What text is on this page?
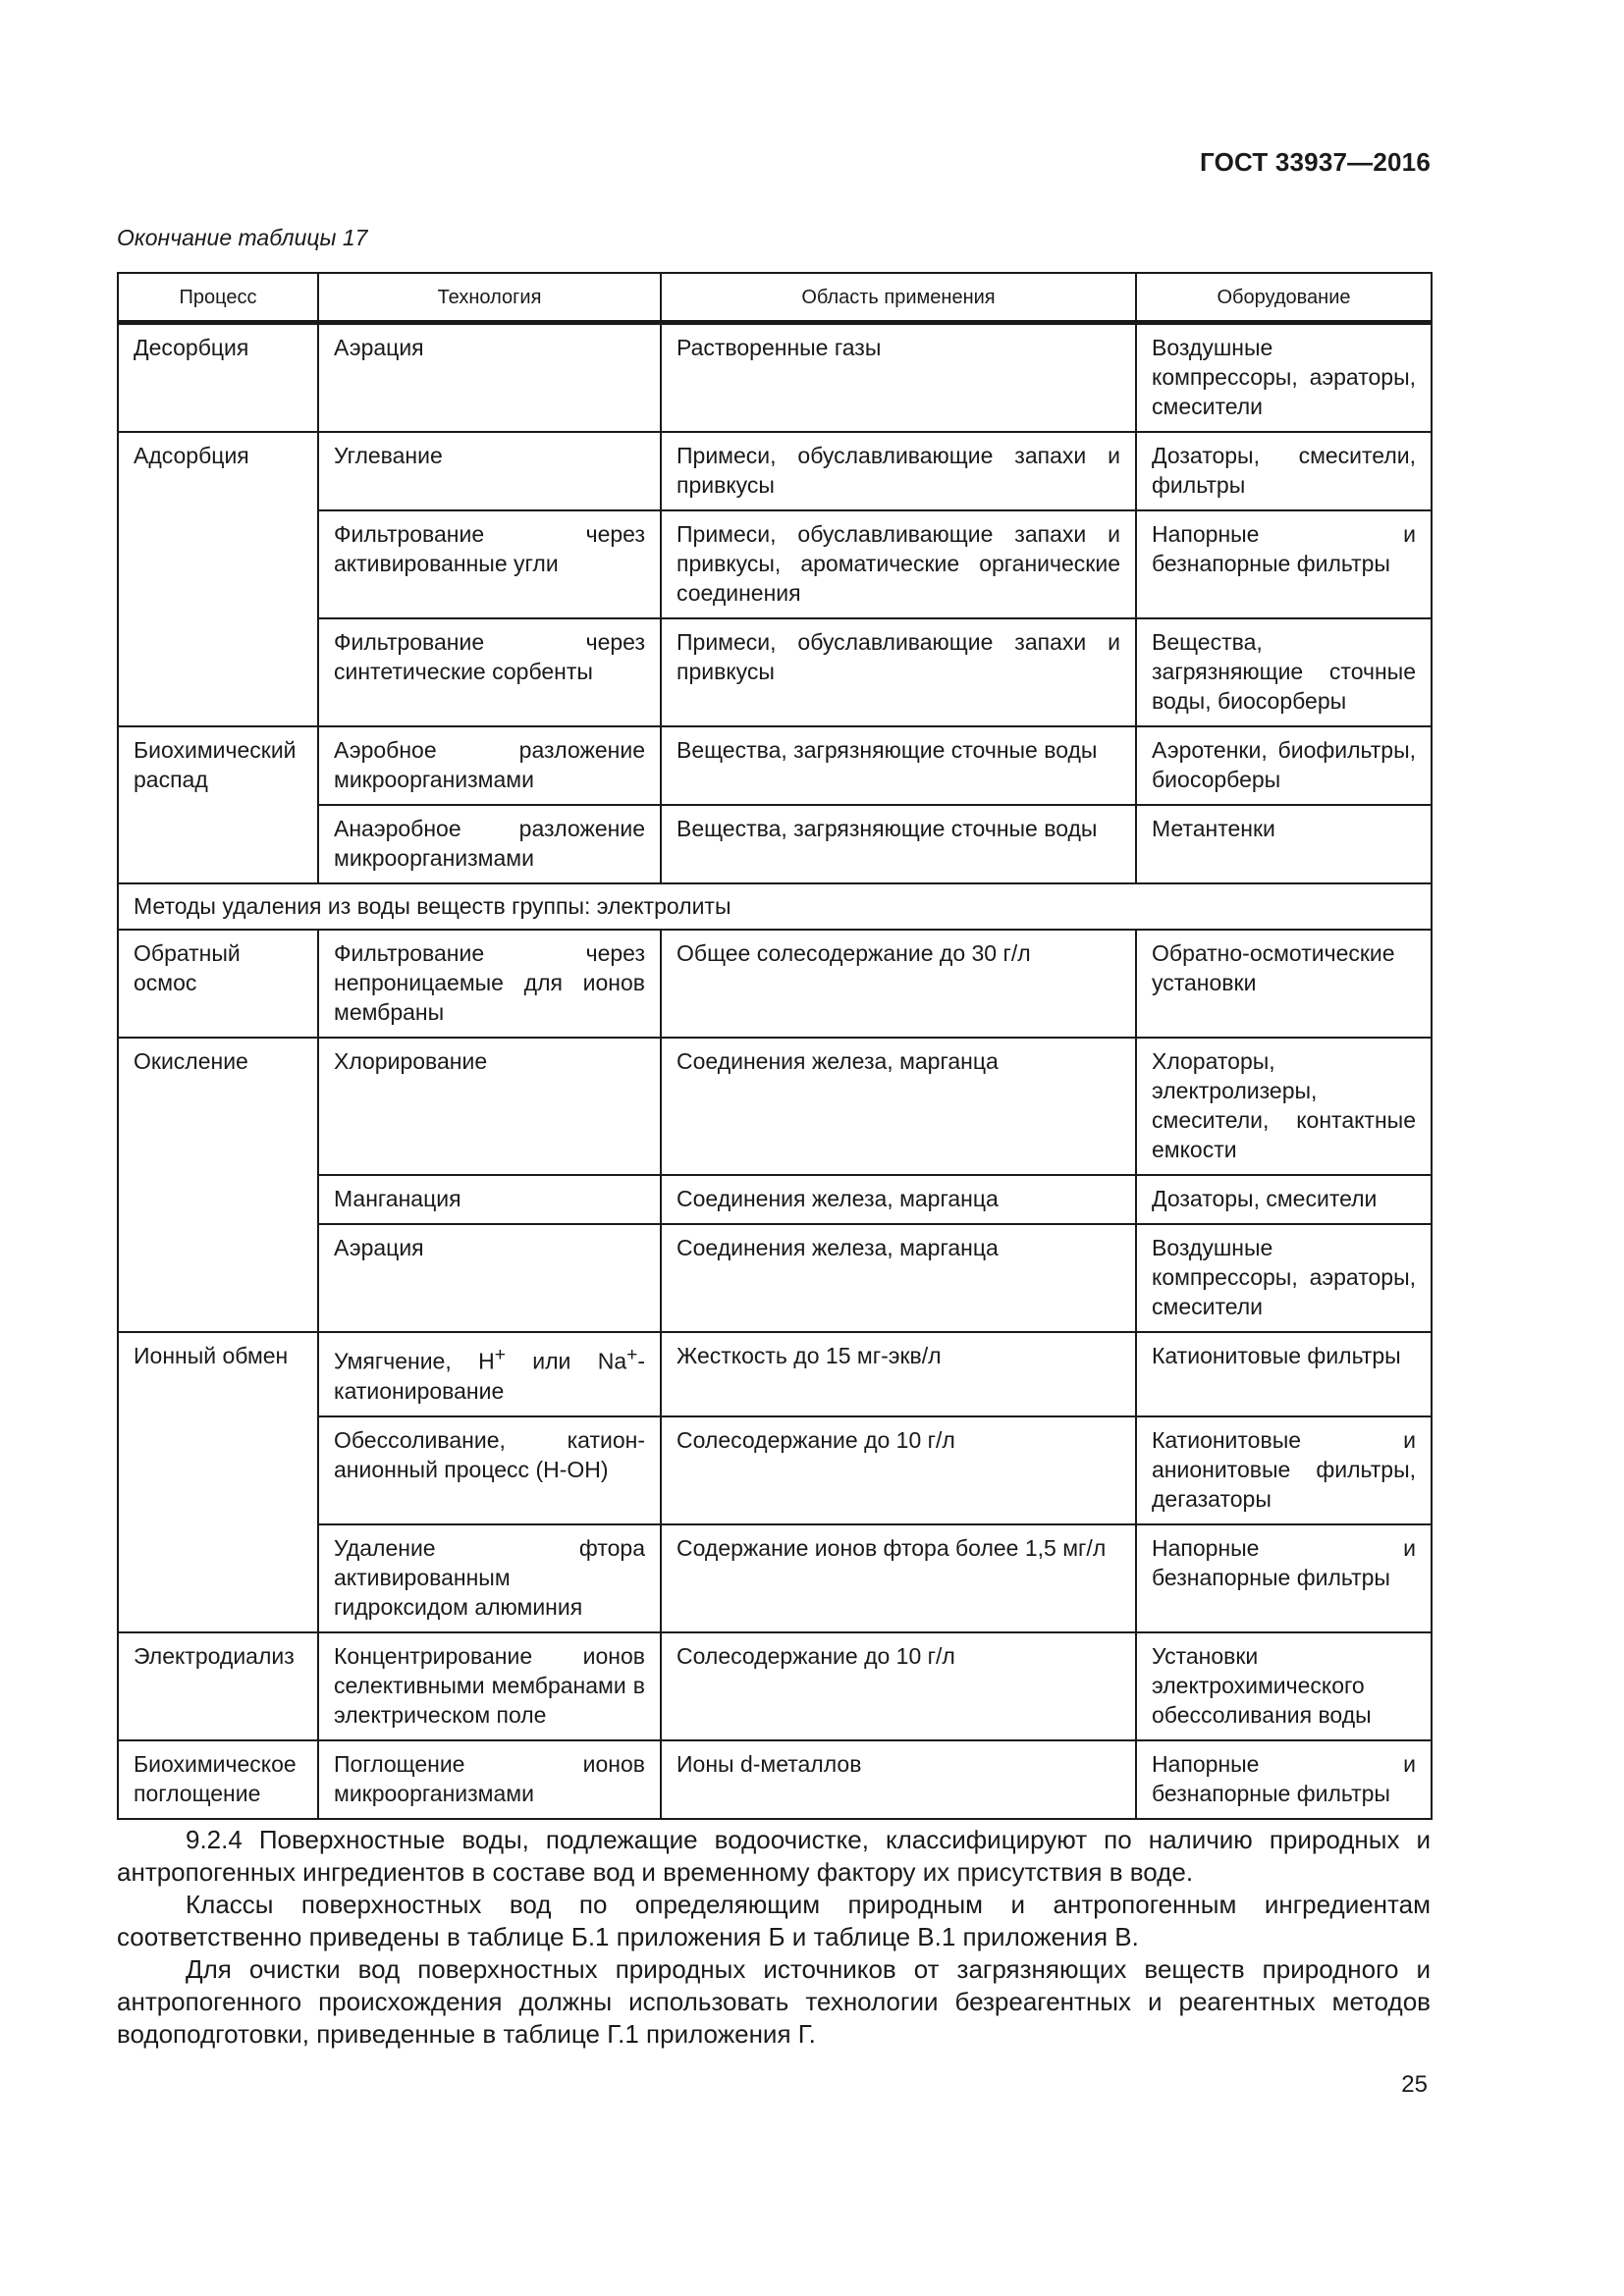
ГОСТ 33937—2016
Окончание таблицы 17
Процесс	Технология	Область применения	Оборудование
Десорбция	Аэрация	Растворенные газы	Воздушные компрессоры, аэраторы, смесители
Адсорбция	Углевание	Примеси, обуславливающие запахи и привкусы	Дозаторы, смесители, фильтры
	Фильтрование через активированные угли	Примеси, обуславливающие запахи и привкусы, ароматические органические соединения	Напорные и безнапорные фильтры
	Фильтрование через синтетические сорбенты	Примеси, обуславливающие запахи и привкусы	Вещества, загрязняющие сточные воды, биосорберы
Биохимический распад	Аэробное разложение микроорганизмами	Вещества, загрязняющие сточные воды	Аэротенки, биофильтры, биосорберы
	Анаэробное разложение микроорганизмами	Вещества, загрязняющие сточные воды	Метантенки
Методы удаления из воды веществ группы: электролиты			
Обратный осмос	Фильтрование через непроницаемые для ионов мембраны	Общее солесодержание до 30 г/л	Обратно-осмотические установки
Окисление	Хлорирование	Соединения железа, марганца	Хлораторы, электролизеры, смесители, контактные емкости
	Манганация	Соединения железа, марганца	Дозаторы, смесители
	Аэрация	Соединения железа, марганца	Воздушные компрессоры, аэраторы, смесители
Ионный обмен	Умягчение, Н+ или Na+-катионирование	Жесткость до 15 мг-экв/л	Катионитовые фильтры
	Обессоливание, катион-анионный процесс (Н-ОН)	Солесодержание до 10 г/л	Катионитовые и анионитовые фильтры, дегазаторы
	Удаление фтора активированным гидроксидом алюминия	Содержание ионов фтора более 1,5 мг/л	Напорные и безнапорные фильтры
Электродиализ	Концентрирование ионов селективными мембранами в электрическом поле	Солесодержание до 10 г/л	Установки электрохимического обессоливания воды
Биохимическое поглощение	Поглощение ионов микроорганизмами	Ионы d-металлов	Напорные и безнапорные фильтры

9.2.4 Поверхностные воды, подлежащие водоочистке, классифицируют по наличию природных и антропогенных ингредиентов в составе вод и временному фактору их присутствия в воде.

Классы поверхностных вод по определяющим природным и антропогенным ингредиентам соответственно приведены в таблице Б.1 приложения Б и таблице В.1 приложения В.

Для очистки вод поверхностных природных источников от загрязняющих веществ природного и антропогенного происхождения должны использовать технологии безреагентных и реагентных методов водоподготовки, приведенные в таблице Г.1 приложения Г.

25
